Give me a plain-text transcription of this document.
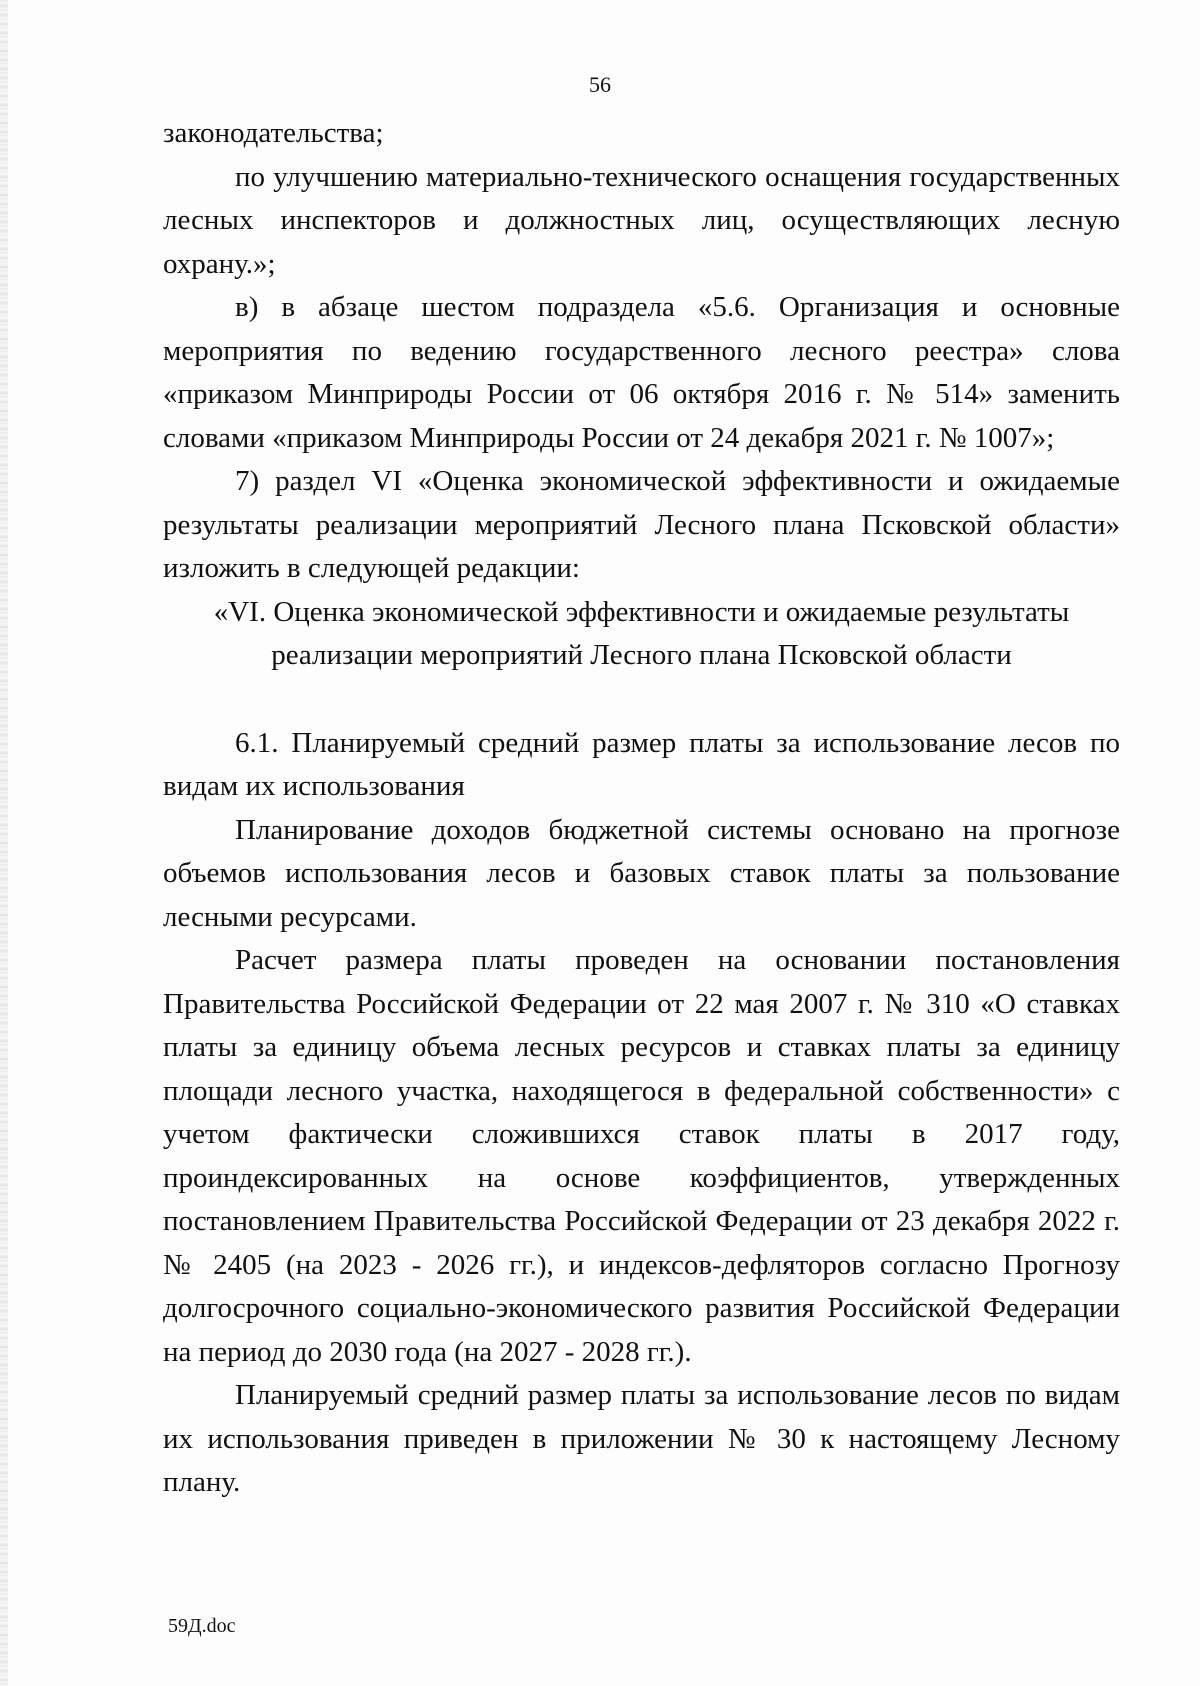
56

законодательства;

по улучшению материально-технического оснащения государственных лесных инспекторов и должностных лиц, осуществляющих лесную охрану.»;

в) в абзаце шестом подраздела «5.6. Организация и основные мероприятия по ведению государственного лесного реестра» слова «приказом Минприроды России от 06 октября 2016 г. № 514» заменить словами «приказом Минприроды России от 24 декабря 2021 г. № 1007»;

7) раздел VI «Оценка экономической эффективности и ожидаемые результаты реализации мероприятий Лесного плана Псковской области» изложить в следующей редакции:

«VI. Оценка экономической эффективности и ожидаемые результаты

реализации мероприятий Лесного плана Псковской области

6.1. Планируемый средний размер платы за использование лесов по видам их использования

Планирование доходов бюджетной системы основано на прогнозе объемов использования лесов и базовых ставок платы за пользование лесными ресурсами.

Расчет размера платы проведен на основании постановления Правительства Российской Федерации от 22 мая 2007 г. № 310 «О ставках платы за единицу объема лесных ресурсов и ставках платы за единицу площади лесного участка, находящегося в федеральной собственности» с учетом фактически сложившихся ставок платы в 2017 году, проиндексированных на основе коэффициентов, утвержденных постановлением Правительства Российской Федерации от 23 декабря 2022 г. № 2405 (на 2023 - 2026 гг.), и индексов-дефляторов согласно Прогнозу долгосрочного социально-экономического развития Российской Федерации на период до 2030 года (на 2027 - 2028 гг.).

Планируемый средний размер платы за использование лесов по видам их использования приведен в приложении № 30 к настоящему Лесному плану.

59Д.doc
